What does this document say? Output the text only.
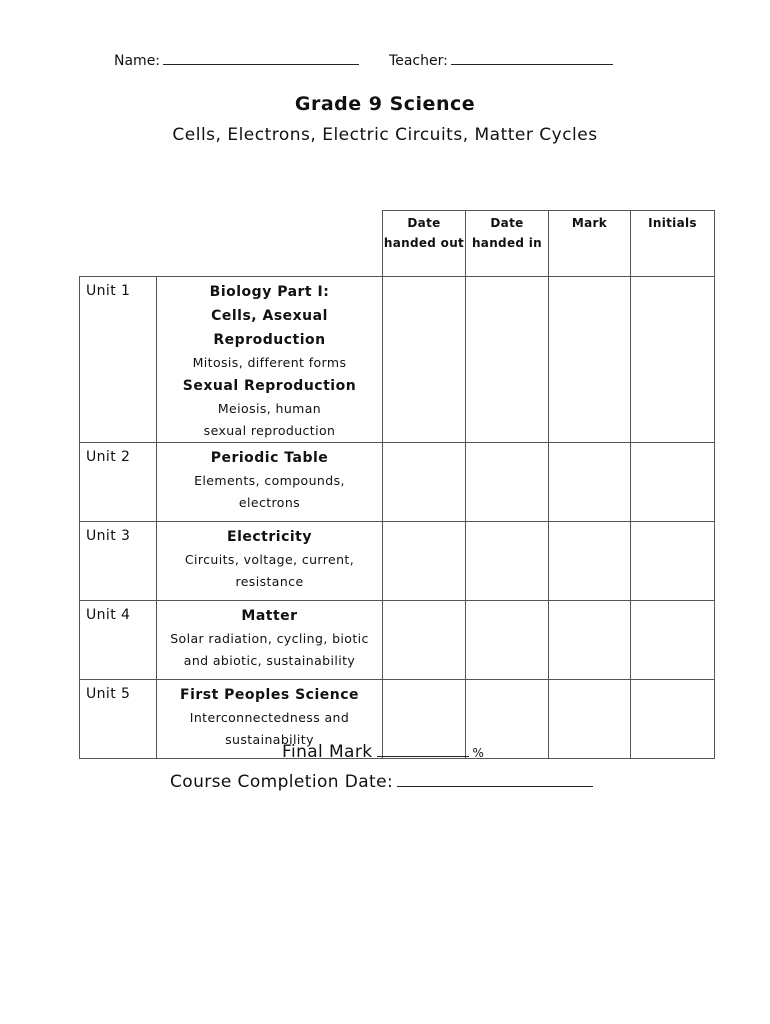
Name:	Teacher:
Grade 9 Science
Cells, Electrons, Electric Circuits, Matter Cycles
		Date handed out	Date handed in	Mark	Initials
Unit 1	Biology Part I: Cells, Asexual Reproduction
Mitosis, different forms
Sexual Reproduction
Meiosis, human sexual reproduction				

Unit 2	Periodic Table
Elements, compounds, electrons				

Unit 3	Electricity
Circuits, voltage, current, resistance				

Unit 4	Matter
Solar radiation, cycling, biotic and abiotic, sustainability				

Unit 5	First Peoples Science
Interconnectedness and sustainability				

Final Mark	%
Course Completion Date:
